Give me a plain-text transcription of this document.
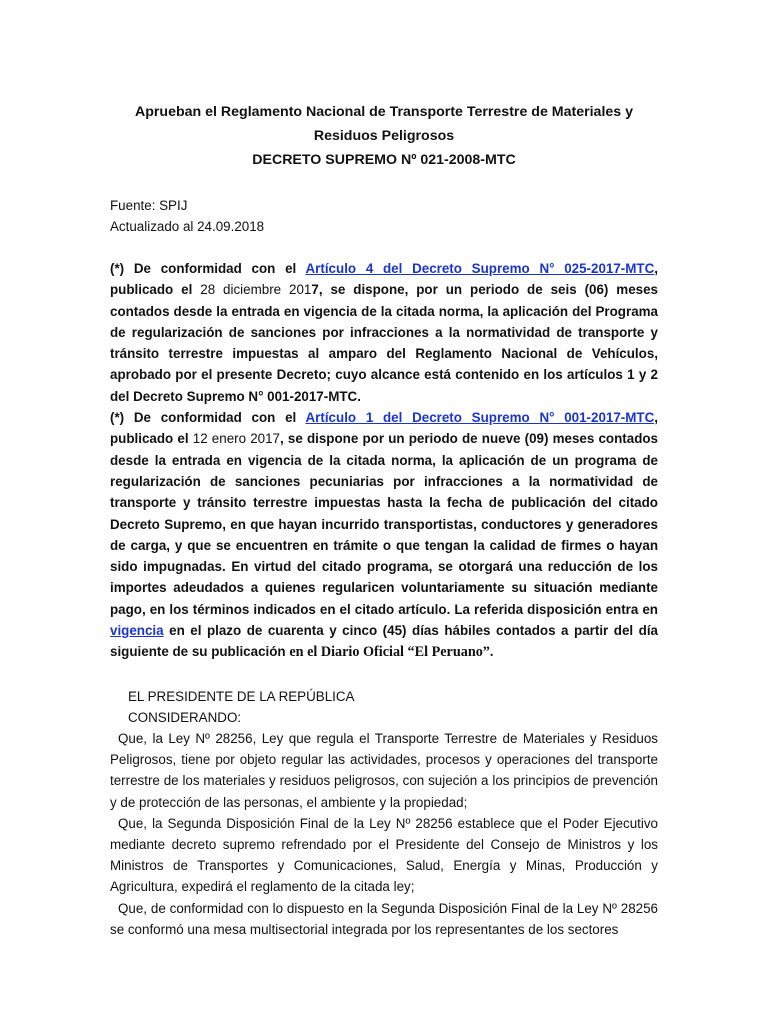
Aprueban el Reglamento Nacional de Transporte Terrestre de Materiales y
Residuos Peligrosos
DECRETO SUPREMO Nº 021-2008-MTC
Fuente: SPIJ
Actualizado al 24.09.2018

(*) De conformidad con el Artículo 4 del Decreto Supremo N° 025-2017-MTC, publicado el 28 diciembre 2017, se dispone, por un periodo de seis (06) meses contados desde la entrada en vigencia de la citada norma, la aplicación del Programa de regularización de sanciones por infracciones a la normatividad de transporte y tránsito terrestre impuestas al amparo del Reglamento Nacional de Vehículos, aprobado por el presente Decreto; cuyo alcance está contenido en los artículos 1 y 2 del Decreto Supremo N° 001-2017-MTC.

(*) De conformidad con el Artículo 1 del Decreto Supremo N° 001-2017-MTC, publicado el 12 enero 2017, se dispone por un periodo de nueve (09) meses contados desde la entrada en vigencia de la citada norma, la aplicación de un programa de regularización de sanciones pecuniarias por infracciones a la normatividad de transporte y tránsito terrestre impuestas hasta la fecha de publicación del citado Decreto Supremo, en que hayan incurrido transportistas, conductores y generadores de carga, y que se encuentren en trámite o que tengan la calidad de firmes o hayan sido impugnadas. En virtud del citado programa, se otorgará una reducción de los importes adeudados a quienes regularicen voluntariamente su situación mediante pago, en los términos indicados en el citado artículo. La referida disposición entra en vigencia en el plazo de cuarenta y cinco (45) días hábiles contados a partir del día siguiente de su publicación en el Diario Oficial “El Peruano”.

EL PRESIDENTE DE LA REPÚBLICA

CONSIDERANDO:

Que, la Ley Nº 28256, Ley que regula el Transporte Terrestre de Materiales y Residuos Peligrosos, tiene por objeto regular las actividades, procesos y operaciones del transporte terrestre de los materiales y residuos peligrosos, con sujeción a los principios de prevención y de protección de las personas, el ambiente y la propiedad;

Que, la Segunda Disposición Final de la Ley Nº 28256 establece que el Poder Ejecutivo mediante decreto supremo refrendado por el Presidente del Consejo de Ministros y los Ministros de Transportes y Comunicaciones, Salud, Energía y Minas, Producción y Agricultura, expedirá el reglamento de la citada ley;

Que, de conformidad con lo dispuesto en la Segunda Disposición Final de la Ley Nº 28256 se conformó una mesa multisectorial integrada por los representantes de los sectores
